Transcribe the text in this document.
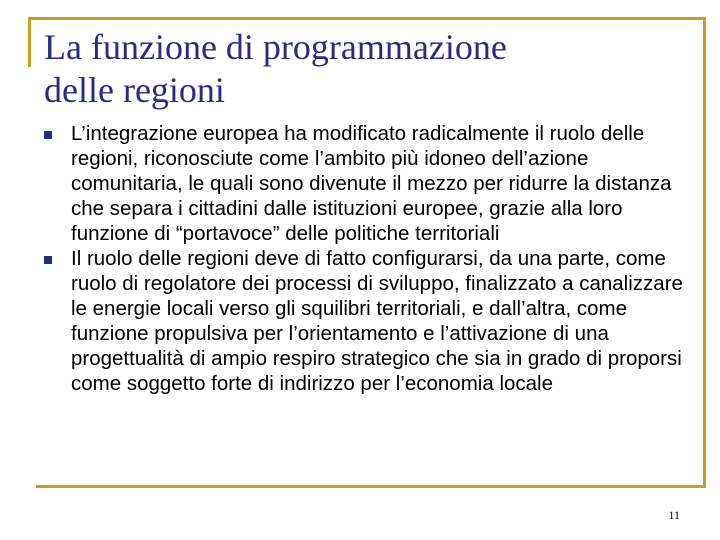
La funzione di programmazione
delle regioni
L’integrazione europea ha modificato radicalmente il ruolo delle regioni, riconosciute come l’ambito più idoneo dell’azione comunitaria, le quali sono divenute il mezzo per ridurre la distanza che separa i cittadini dalle istituzioni europee, grazie alla loro funzione di “portavoce” delle politiche territoriali
Il ruolo delle regioni deve di fatto configurarsi, da una parte, come ruolo di regolatore dei processi di sviluppo, finalizzato a canalizzare le energie locali verso gli squilibri territoriali, e dall’altra, come funzione propulsiva per l’orientamento e l’attivazione di una progettualità di ampio respiro strategico che sia in grado di proporsi come soggetto forte di indirizzo per l’economia locale
11
